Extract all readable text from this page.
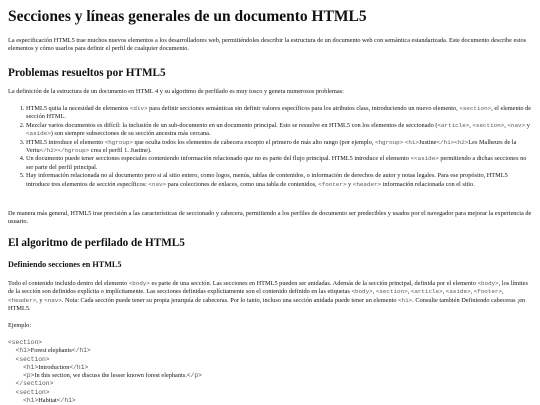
Secciones y líneas generales de un documento HTML5

La especificación HTML5 trae muchos nuevos elementos a los desarrolladores web, permitiéndoles describir la estructura de un documento web con semántica estandarizada. Este documento describe estos elementos y cómo usarlos para definir el perfil de cualquier documento.

Problemas resueltos por HTML5

La definición de la estructura de un documento en HTML 4 y su algoritmo de perfilado es muy tosco y genera numerosos problemas:

1. HTML5 quita la necesidad de elementos <div> para definir secciones semánticas sin definir valores específicos para los atributos class, introduciendo un nuevo elemento, <section>, el elemento de sección HTML.
2. Mezclar varios documentos es difícil: la inclusión de un sub-documento en un documento principal. Esto se resuelve en HTML5 con los elementos de seccionado (<article>, <section>, <nav> y <aside>) son siempre subsecciones de su sección ancestra más cercana.
3. HTML5 introduce el elemento <hgroup> que oculta todos los elementos de cabecera excepto el primero de más alto rango (por ejemplo, <hgroup> <h1>Justine</h1><h2>Les Malheurs de la Vertu</h2></hgroup> crea el perfil 1. Justine).
4. Un documento puede tener secciones especiales conteniendo información relacionado que no es parte del flujo principal. HTML5 introduce el elemento <<aside> permitiendo a dichas secciones no ser parte del perfil principal.
5. Hay información relacionada no al documento pero si al sitio entero, como logos, menús, tablas de contenidos, o información de derechos de autor y notas legales. Para ese propósito, HTML5 introduce tres elementos de sección específicos: <nav> para colecciones de enlaces, como una tabla de contenidos, <footer> y <header> información relacionada con el sitio.

De manera más general, HTML5 trae precisión a las características de seccionado y cabecera, permitiendo a los perfiles de documento ser predecibles y usados por el navegador para mejorar la experiencia de usuario.

El algoritmo de perfilado de HTML5
Definiendo secciones en HTML5

Todo el contenido incluido dentro del elemento <body> es parte de una sección. Las secciones en HTML5 pueden ser anidadas. Además de la sección principal, definida por el elemento <body>, los límites de la sección son definidos explícita o implícitamente. Las secciones definidas explícitamente son el contenido definido en las etiquetas <body>, <section>, <article>, <aside>, <footer>, <header>, y <nav>. Nota: Cada sección puede tener su propia jerarquía de cabeceras. Por lo tanto, incluso una sección anidada puede tener un elemento <h1>. Consulte también Definiendo cabeceras ¡en HTML5.

Ejemplo:

<section>
<h1>Forest elephants</h1>
<section>
<h1>Introduction</h1>
<p>In this section, we discuss the lesser known forest elephants.</p>
</section>
<section>
<h1>Habitat</h1>
